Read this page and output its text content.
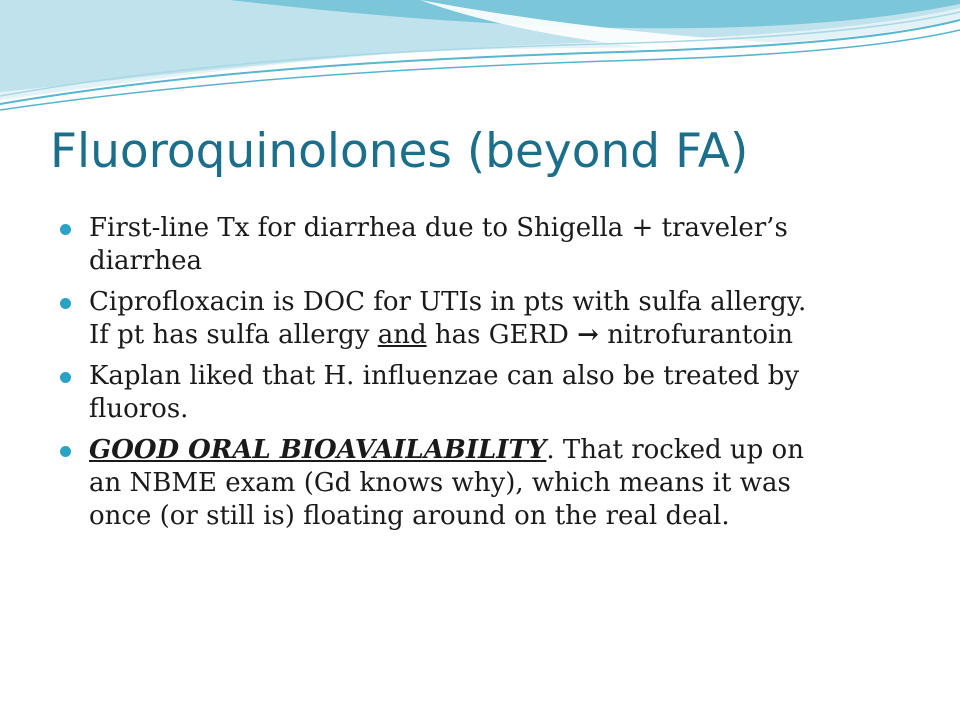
Fluoroquinolones (beyond FA)
First-line Tx for diarrhea due to Shigella + traveler’s
diarrhea
Ciprofloxacin is DOC for UTIs in pts with sulfa allergy.
If pt has sulfa allergy and has GERD → nitrofurantoin
Kaplan liked that H. influenzae can also be treated by
fluoros.
GOOD ORAL BIOAVAILABILITY. That rocked up on
an NBME exam (Gd knows why), which means it was
once (or still is) floating around on the real deal.
